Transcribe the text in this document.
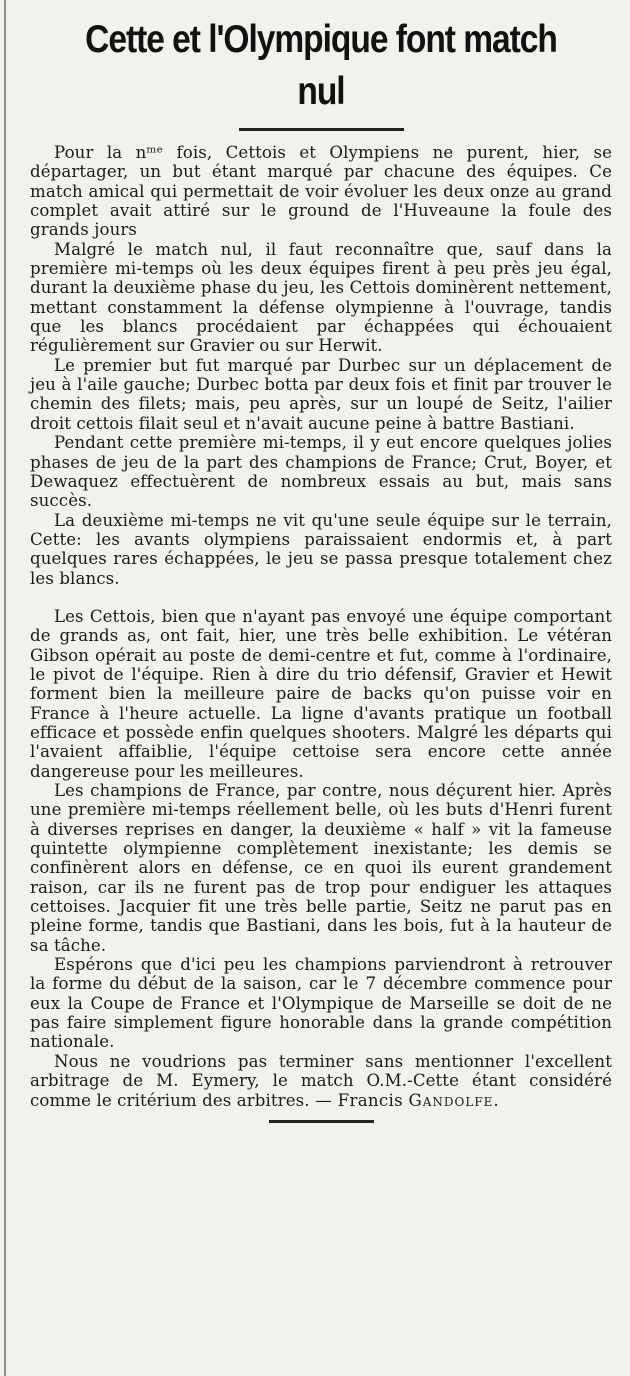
Cette et l'Olympique font match nul

Pour la nᵐᵉ fois, Cettois et Olympiens ne purent, hier, se départager, un but étant marqué par chacune des équipes. Ce match amical qui permettait de voir évoluer les deux onze au grand complet avait attiré sur le ground de l'Huveaune la foule des grands jours

Malgré le match nul, il faut reconnaître que, sauf dans la première mi-temps où les deux équipes firent à peu près jeu égal, durant la deuxième phase du jeu, les Cettois dominèrent nettement, mettant constamment la défense olympienne à l'ouvrage, tandis que les blancs procédaient par échappées qui échouaient régulièrement sur Gravier ou sur Herwit.

Le premier but fut marqué par Durbec sur un déplacement de jeu à l'aile gauche; Durbec botta par deux fois et finit par trouver le chemin des filets; mais, peu après, sur un loupé de Seitz, l'ailier droit cettois filait seul et n'avait aucune peine à battre Bastiani.

Pendant cette première mi-temps, il y eut encore quelques jolies phases de jeu de la part des champions de France; Crut, Boyer, et Dewaquez effectuèrent de nombreux essais au but, mais sans succès.

La deuxième mi-temps ne vit qu'une seule équipe sur le terrain, Cette: les avants olympiens paraissaient endormis et, à part quelques rares échappées, le jeu se passa presque totalement chez les blancs.

Les Cettois, bien que n'ayant pas envoyé une équipe comportant de grands as, ont fait, hier, une très belle exhibition. Le vétéran Gibson opérait au poste de demi-centre et fut, comme à l'ordinaire, le pivot de l'équipe. Rien à dire du trio défensif, Gravier et Hewit forment bien la meilleure paire de backs qu'on puisse voir en France à l'heure actuelle. La ligne d'avants pratique un football efficace et possède enfin quelques shooters. Malgré les départs qui l'avaient affaiblie, l'équipe cettoise sera encore cette année dangereuse pour les meilleures.

Les champions de France, par contre, nous déçurent hier. Après une première mi-temps réellement belle, où les buts d'Henri furent à diverses reprises en danger, la deuxième « half » vit la fameuse quintette olympienne complètement inexistante; les demis se confinèrent alors en défense, ce en quoi ils eurent grandement raison, car ils ne furent pas de trop pour endiguer les attaques cettoises. Jacquier fit une très belle partie, Seitz ne parut pas en pleine forme, tandis que Bastiani, dans les bois, fut à la hauteur de sa tâche.

Espérons que d'ici peu les champions parviendront à retrouver la forme du début de la saison, car le 7 décembre commence pour eux la Coupe de France et l'Olympique de Marseille se doit de ne pas faire simplement figure honorable dans la grande compétition nationale.

Nous ne voudrions pas terminer sans mentionner l'excellent arbitrage de M. Eymery, le match O.M.-Cette étant considéré comme le critérium des arbitres. — Francis Gandolfe.
